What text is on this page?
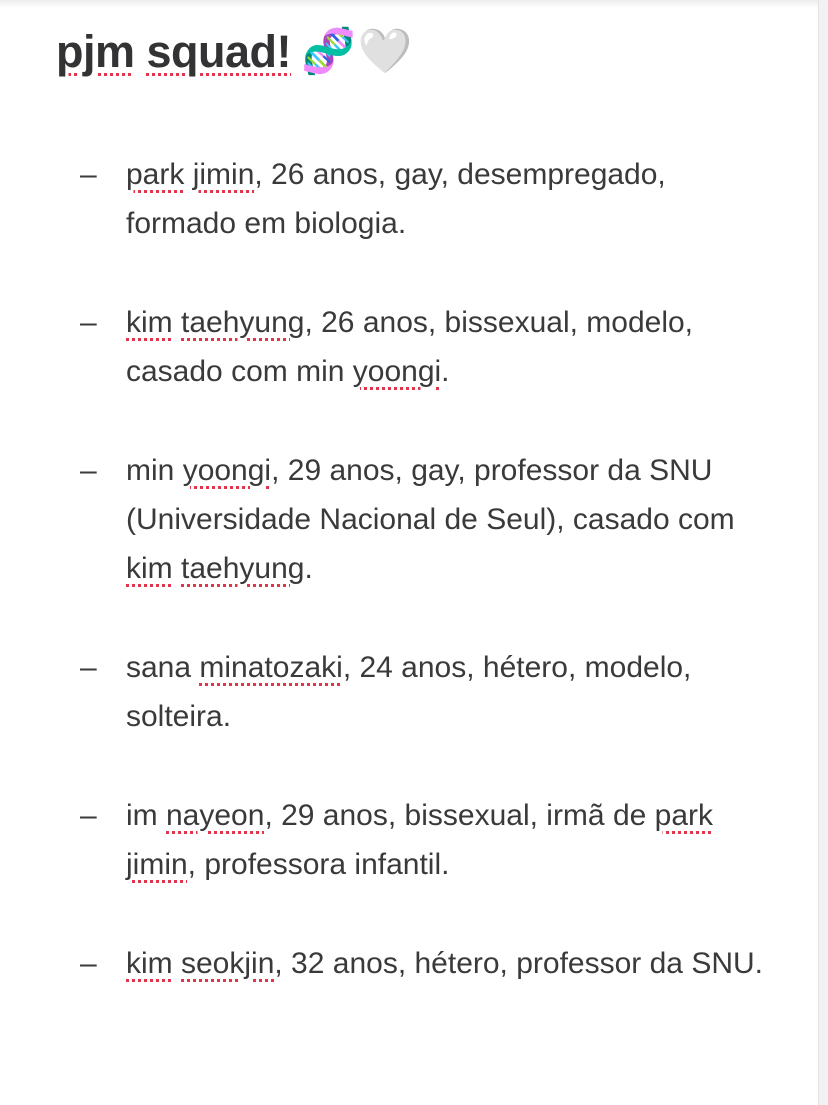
pjm squad! 🧬 🤍
– park jimin, 26 anos, gay, desempregado, formado em biologia.
– kim taehyung, 26 anos, bissexual, modelo, casado com min yoongi.
– min yoongi, 29 anos, gay, professor da SNU (Universidade Nacional de Seul), casado com kim taehyung.
– sana minatozaki, 24 anos, hétero, modelo, solteira.
– im nayeon, 29 anos, bissexual, irmã de park jimin, professora infantil.
– kim seokjin, 32 anos, hétero, professor da SNU.
